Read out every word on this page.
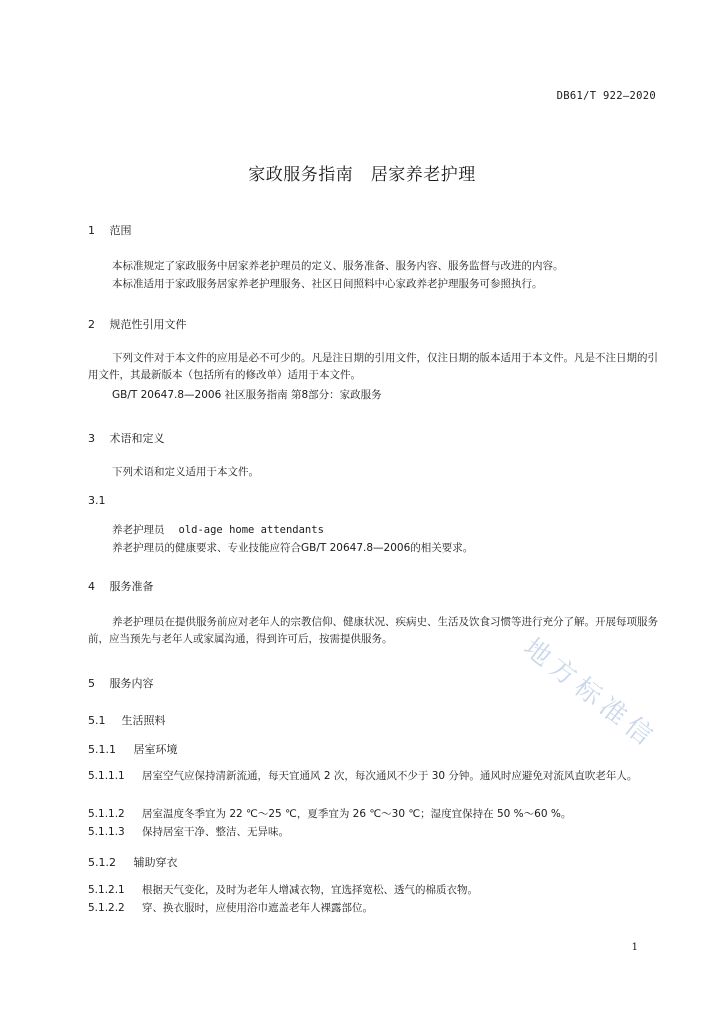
DB61/T 922—2020
家政服务指南　居家养老护理
1 范围
本标准规定了家政服务中居家养老护理员的定义、服务准备、服务内容、服务监督与改进的内容。
本标准适用于家政服务居家养老护理服务、社区日间照料中心家政养老护理服务可参照执行。
2 规范性引用文件
下列文件对于本文件的应用是必不可少的。凡是注日期的引用文件，仅注日期的版本适用于本文件。凡是不注日期的引用文件，其最新版本（包括所有的修改单）适用于本文件。
GB/T 20647.8—2006 社区服务指南 第8部分：家政服务
3 术语和定义
下列术语和定义适用于本文件。
3.1
养老护理员 old-age home attendants
养老护理员的健康要求、专业技能应符合GB/T 20647.8—2006的相关要求。
4 服务准备
养老护理员在提供服务前应对老年人的宗教信仰、健康状况、疾病史、生活及饮食习惯等进行充分了解。开展每项服务前，应当预先与老年人或家属沟通，得到许可后，按需提供服务。
5 服务内容
5.1 生活照料
5.1.1 居室环境
5.1.1.1 居室空气应保持清新流通，每天宜通风 2 次，每次通风不少于 30 分钟。通风时应避免对流风直吹老年人。
5.1.1.2 居室温度冬季宜为 22 ℃～25 ℃，夏季宜为 26 ℃～30 ℃；湿度宜保持在 50 %～60 %。
5.1.1.3 保持居室干净、整洁、无异味。
5.1.2 辅助穿衣
5.1.2.1 根据天气变化，及时为老年人增减衣物，宜选择宽松、透气的棉质衣物。
5.1.2.2 穿、换衣服时，应使用浴巾遮盖老年人裸露部位。
地方标准信
1
